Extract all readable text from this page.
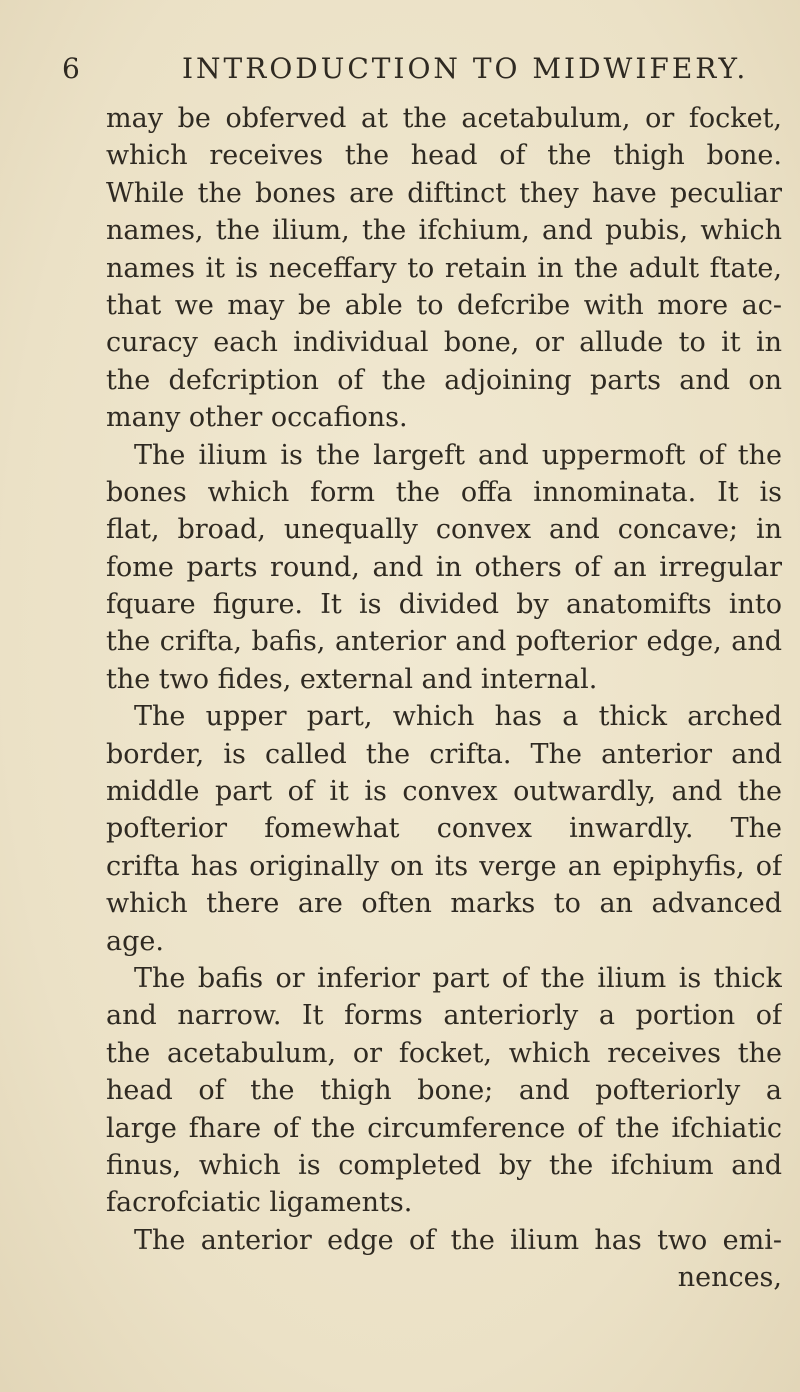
6	INTRODUCTION TO MIDWIFERY.
may be obferved at the acetabulum, or focket,
which receives the head of the thigh bone.
While the bones are diftinct they have peculiar
names, the ilium, the ifchium, and pubis, which
names it is neceffary to retain in the adult ftate,
that we may be able to defcribe with more ac-
curacy each individual bone, or allude to it in
the defcription of the adjoining parts and on
many other occafions.
The ilium is the largeft and uppermoft of the
bones which form the offa innominata. It is
flat, broad, unequally convex and concave; in
fome parts round, and in others of an irregular
fquare figure. It is divided by anatomifts into
the crifta, bafis, anterior and pofterior edge, and
the two fides, external and internal.
The upper part, which has a thick arched
border, is called the crifta. The anterior and
middle part of it is convex outwardly, and the
pofterior fomewhat convex inwardly. The
crifta has originally on its verge an epiphyfis, of
which there are often marks to an advanced
age.
The bafis or inferior part of the ilium is thick
and narrow. It forms anteriorly a portion of
the acetabulum, or focket, which receives the
head of the thigh bone; and pofteriorly a
large fhare of the circumference of the ifchiatic
finus, which is completed by the ifchium and
facrofciatic ligaments.
The anterior edge of the ilium has two emi-
nences,
